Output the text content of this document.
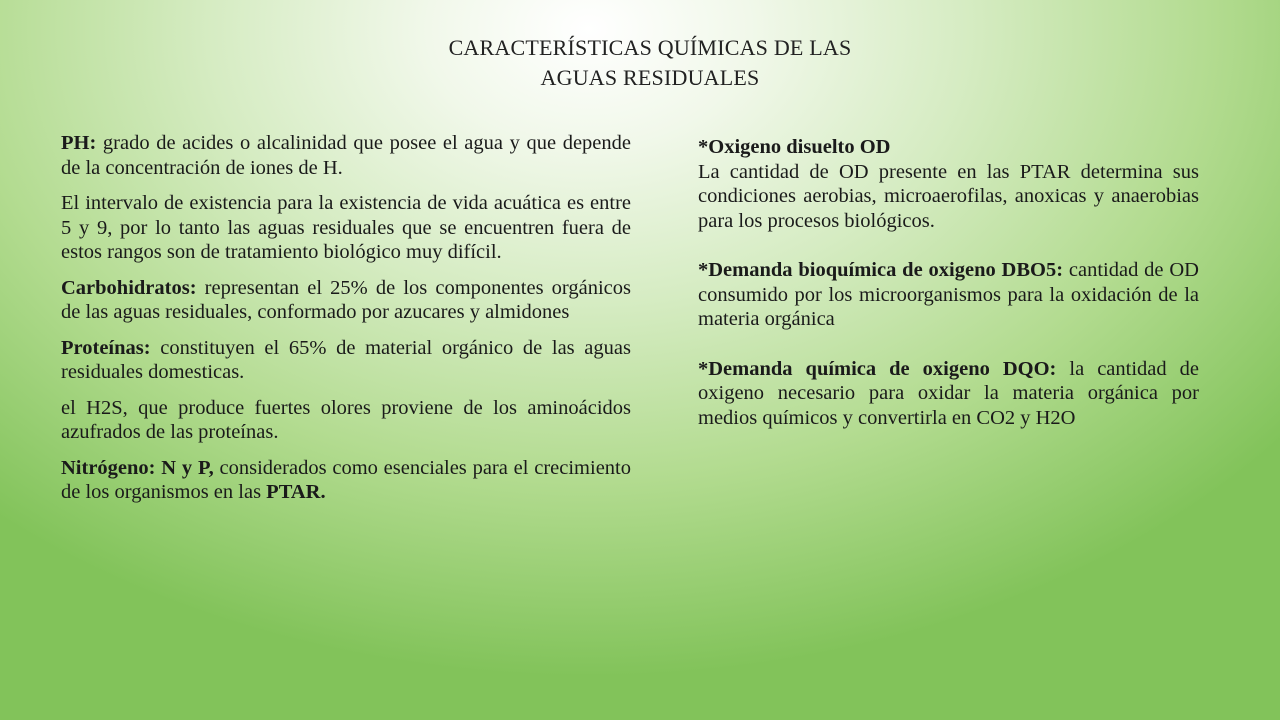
CARACTERÍSTICAS QUÍMICAS DE LAS
AGUAS RESIDUALES

PH: grado de acides o alcalinidad que posee el agua y que depende de la concentración de iones de H.

El intervalo de existencia para la existencia de vida acuática es entre 5 y 9, por lo tanto las aguas residuales que se encuentren fuera de estos rangos son de tratamiento biológico muy difícil.

Carbohidratos: representan el 25% de los componentes orgánicos de las aguas residuales, conformado por azucares y almidones

Proteínas: constituyen el 65% de material orgánico de las aguas residuales domesticas.

el H2S, que produce fuertes olores proviene de los aminoácidos azufrados de las proteínas.

Nitrógeno: N y P, considerados como esenciales para el crecimiento de los organismos en las PTAR.

*Oxigeno disuelto OD

La cantidad de OD presente en las PTAR determina sus condiciones aerobias, microaerofilas, anoxicas y anaerobias para los procesos biológicos.

*Demanda bioquímica de oxigeno DBO5: cantidad de OD consumido por los microorganismos para la oxidación de la materia orgánica

*Demanda química de oxigeno DQO: la cantidad de oxigeno necesario para oxidar la materia orgánica por medios químicos y convertirla en CO2 y H2O
